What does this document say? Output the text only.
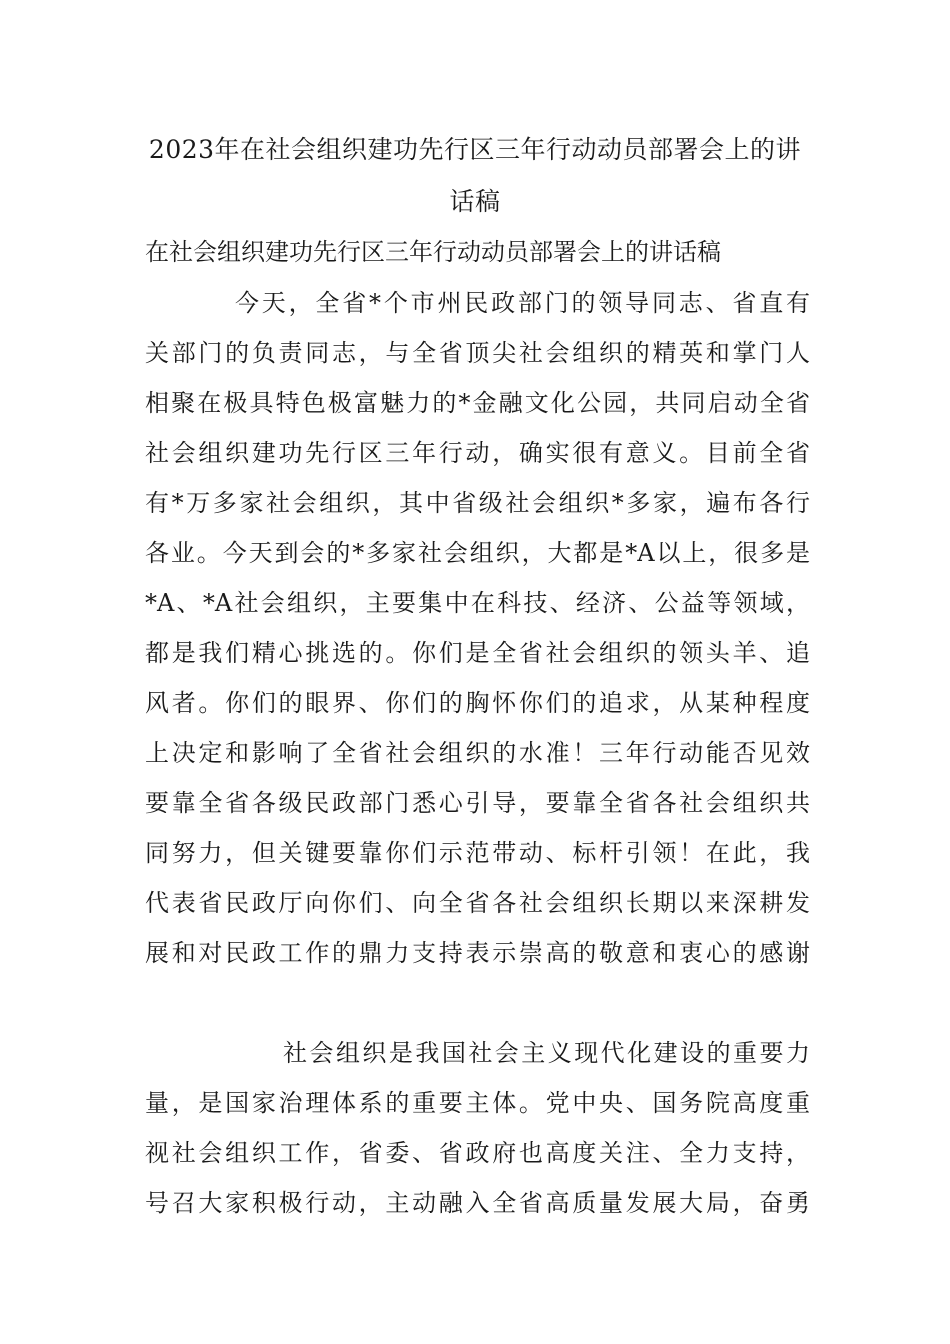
2023年在社会组织建功先行区三年行动动员部署会上的讲话稿
在社会组织建功先行区三年行动动员部署会上的讲话稿
今天，全省*个市州民政部门的领导同志、省直有
关部门的负责同志，与全省顶尖社会组织的精英和掌门人
相聚在极具特色极富魅力的*金融文化公园，共同启动全省
社会组织建功先行区三年行动，确实很有意义。目前全省
有*万多家社会组织，其中省级社会组织*多家，遍布各行
各业。今天到会的*多家社会组织，大都是*A以上，很多是
*A、*A社会组织，主要集中在科技、经济、公益等领域，
都是我们精心挑选的。你们是全省社会组织的领头羊、追
风者。你们的眼界、你们的胸怀你们的追求，从某种程度
上决定和影响了全省社会组织的水准！三年行动能否见效
要靠全省各级民政部门悉心引导，要靠全省各社会组织共
同努力，但关键要靠你们示范带动、标杆引领！在此，我
代表省民政厅向你们、向全省各社会组织长期以来深耕发
展和对民政工作的鼎力支持表示崇高的敬意和衷心的感谢
社会组织是我国社会主义现代化建设的重要力
量，是国家治理体系的重要主体。党中央、国务院高度重
视社会组织工作，省委、省政府也高度关注、全力支持，
号召大家积极行动，主动融入全省高质量发展大局，奋勇
